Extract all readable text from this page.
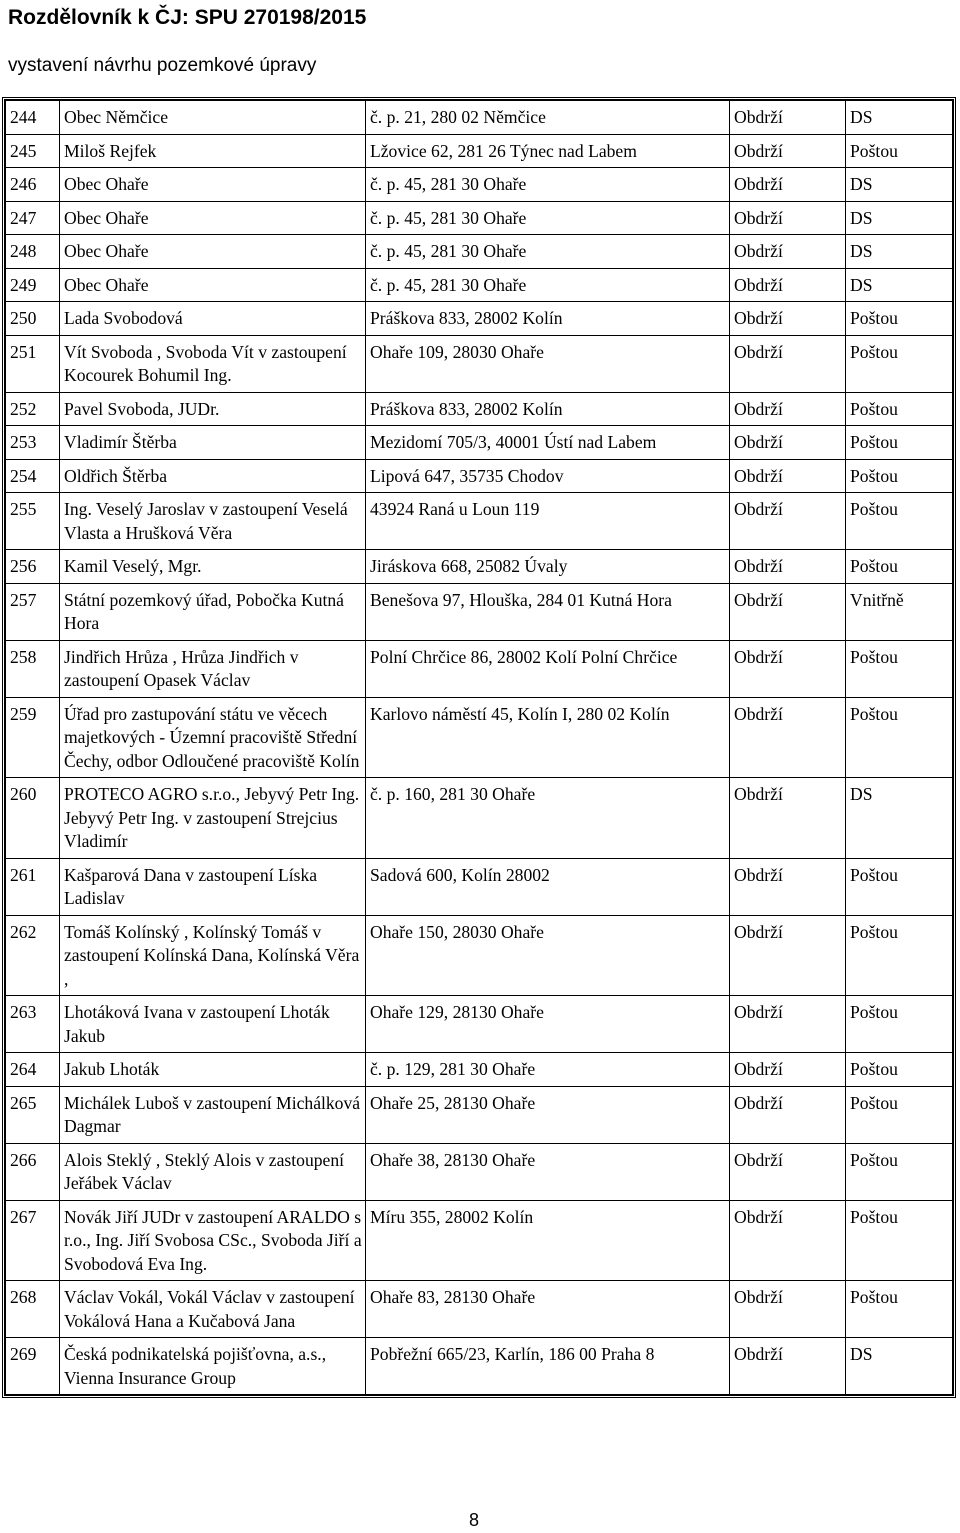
Rozdělovník k ČJ: SPU 270198/2015

vystavení návrhu pozemkové úpravy

244	Obec Němčice	č. p. 21, 280 02 Němčice	Obdrží	DS
245	Miloš Rejfek	Lžovice 62, 281 26 Týnec nad Labem	Obdrží	Poštou
246	Obec Ohaře	č. p. 45, 281 30 Ohaře	Obdrží	DS
247	Obec Ohaře	č. p. 45, 281 30 Ohaře	Obdrží	DS
248	Obec Ohaře	č. p. 45, 281 30 Ohaře	Obdrží	DS
249	Obec Ohaře	č. p. 45, 281 30 Ohaře	Obdrží	DS
250	Lada Svobodová	Práškova 833, 28002 Kolín	Obdrží	Poštou
251	Vít Svoboda , Svoboda Vít v zastoupení Kocourek Bohumil Ing.	Ohaře 109, 28030 Ohaře	Obdrží	Poštou
252	Pavel Svoboda, JUDr.	Práškova 833, 28002 Kolín	Obdrží	Poštou
253	Vladimír Štěrba	Mezidomí 705/3, 40001 Ústí nad Labem	Obdrží	Poštou
254	Oldřich Štěrba	Lipová 647, 35735 Chodov	Obdrží	Poštou
255	Ing. Veselý Jaroslav v zastoupení Veselá Vlasta a Hrušková Věra	43924 Raná u Loun 119	Obdrží	Poštou
256	Kamil Veselý, Mgr.	Jiráskova 668, 25082 Úvaly	Obdrží	Poštou
257	Státní pozemkový úřad, Pobočka Kutná Hora	Benešova 97, Hlouška, 284 01 Kutná Hora	Obdrží	Vnitřně
258	Jindřich Hrůza , Hrůza Jindřich v zastoupení Opasek Václav	Polní Chrčice 86, 28002 Kolí Polní Chrčice	Obdrží	Poštou
259	Úřad pro zastupování státu ve věcech majetkových - Územní pracoviště Střední Čechy, odbor Odloučené pracoviště Kolín	Karlovo náměstí 45, Kolín I, 280 02 Kolín	Obdrží	Poštou
260	PROTECO AGRO s.r.o., Jebyvý Petr Ing. Jebyvý Petr Ing. v zastoupení Strejcius Vladimír	č. p. 160, 281 30 Ohaře	Obdrží	DS
261	Kašparová Dana v zastoupení Líska Ladislav	Sadová 600, Kolín 28002	Obdrží	Poštou
262	Tomáš Kolínský , Kolínský Tomáš v zastoupení Kolínská Dana, Kolínská Věra ,	Ohaře 150, 28030 Ohaře	Obdrží	Poštou
263	Lhotáková Ivana v zastoupení Lhoták Jakub	Ohaře 129, 28130 Ohaře	Obdrží	Poštou
264	Jakub Lhoták	č. p. 129, 281 30 Ohaře	Obdrží	Poštou
265	Michálek Luboš v zastoupení Michálková Dagmar	Ohaře 25, 28130 Ohaře	Obdrží	Poštou
266	Alois Steklý , Steklý Alois v zastoupení Jeřábek Václav	Ohaře 38, 28130 Ohaře	Obdrží	Poštou
267	Novák Jiří JUDr v zastoupení ARALDO s r.o., Ing. Jiří Svobosa CSc., Svoboda Jiří a Svobodová Eva Ing.	Míru 355, 28002 Kolín	Obdrží	Poštou
268	Václav Vokál, Vokál Václav v zastoupení Vokálová Hana a Kučabová Jana	Ohaře 83, 28130 Ohaře	Obdrží	Poštou
269	Česká podnikatelská pojišťovna, a.s., Vienna Insurance Group	Pobřežní 665/23, Karlín, 186 00 Praha 8	Obdrží	DS
8
